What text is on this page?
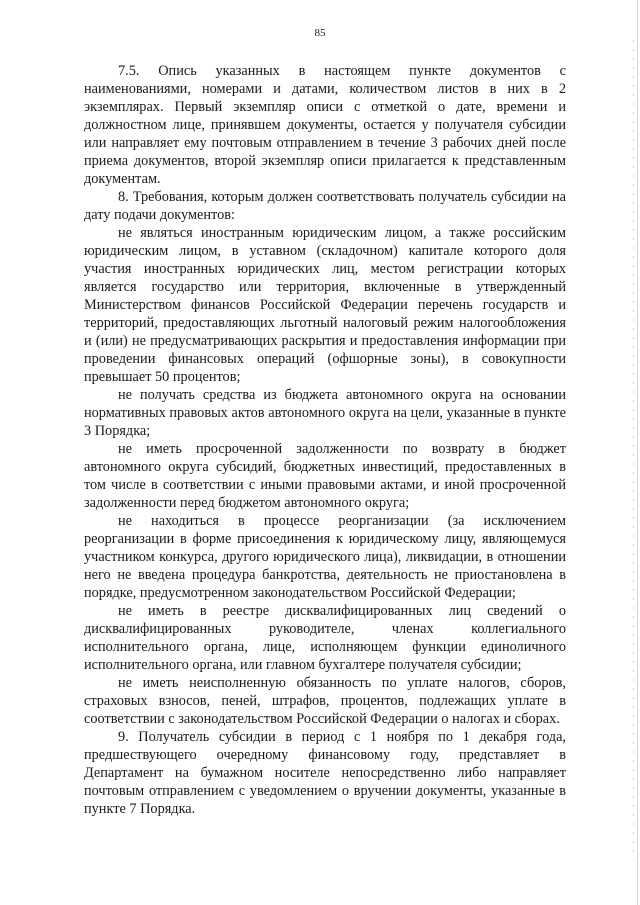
85

7.5. Опись указанных в настоящем пункте документов с наименованиями, номерами и датами, количеством листов в них в 2 экземплярах. Первый экземпляр описи с отметкой о дате, времени и должностном лице, принявшем документы, остается у получателя субсидии или направляет ему почтовым отправлением в течение 3 рабочих дней после приема документов, второй экземпляр описи прилагается к представленным документам.

8. Требования, которым должен соответствовать получатель субсидии на дату подачи документов:

не являться иностранным юридическим лицом, а также российским юридическим лицом, в уставном (складочном) капитале которого доля участия иностранных юридических лиц, местом регистрации которых является государство или территория, включенные в утвержденный Министерством финансов Российской Федерации перечень государств и территорий, предоставляющих льготный налоговый режим налогообложения и (или) не предусматривающих раскрытия и предоставления информации при проведении финансовых операций (офшорные зоны), в совокупности превышает 50 процентов;

не получать средства из бюджета автономного округа на основании нормативных правовых актов автономного округа на цели, указанные в пункте 3 Порядка;

не иметь просроченной задолженности по возврату в бюджет автономного округа субсидий, бюджетных инвестиций, предоставленных в том числе в соответствии с иными правовыми актами, и иной просроченной задолженности перед бюджетом автономного округа;

не находиться в процессе реорганизации (за исключением реорганизации в форме присоединения к юридическому лицу, являющемуся участником конкурса, другого юридического лица), ликвидации, в отношении него не введена процедура банкротства, деятельность не приостановлена в порядке, предусмотренном законодательством Российской Федерации;

не иметь в реестре дисквалифицированных лиц сведений о дисквалифицированных руководителе, членах коллегиального исполнительного органа, лице, исполняющем функции единоличного исполнительного органа, или главном бухгалтере получателя субсидии;

не иметь неисполненную обязанность по уплате налогов, сборов, страховых взносов, пеней, штрафов, процентов, подлежащих уплате в соответствии с законодательством Российской Федерации о налогах и сборах.

9. Получатель субсидии в период с 1 ноября по 1 декабря года, предшествующего очередному финансовому году, представляет в Департамент на бумажном носителе непосредственно либо направляет почтовым отправлением с уведомлением о вручении документы, указанные в пункте 7 Порядка.
